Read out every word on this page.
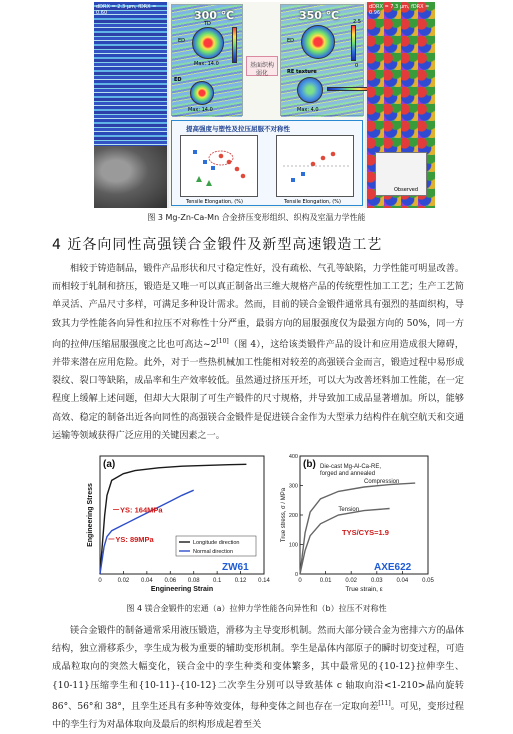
dDRX = 2.3 μm, fDRX = 0.60	300 ℃
TD
ED
Max: 14.0
ED
Max: 14.0
基面织构
弱化
350 ℃
ED
2.5
0
RE texture
Max: 4.0
提高强度与塑性及拉压屈服不对称性
Tensile Elongation, (%)	Tensile Elongation, (%)
dDRX = 7.3 μm, fDRX = 0.96
Observed
图 3 Mg-Zn-Ca-Mn 合金挤压变形组织、织构及室温力学性能
4 近各向同性高强镁合金锻件及新型高速锻造工艺

相较于铸造制品，锻件产品形状和尺寸稳定性好，没有疏松、气孔等缺陷，力学性能可明显改善。而相较于轧制和挤压，锻造是又唯一可以真正制备出三维大规格产品的传统塑性加工工艺；生产工艺简单灵活、产品尺寸多样，可满足多种设计需求。然而，目前的镁合金锻件通常具有强烈的基面织构，导致其力学性能各向异性和拉压不对称性十分严重，最弱方向的屈服强度仅为最强方向的 50%，同一方向的拉伸/压缩屈服强度之比也可高达~2[10]（图 4），这给该类锻件产品的设计和应用造成很大障碍，并带来潜在应用危险。此外，对于一些热机械加工性能相对较差的高强镁合金而言，锻造过程中易形成裂纹、裂口等缺陷，成品率和生产效率较低。虽然通过挤压开坯，可以大为改善坯料加工性能，在一定程度上缓解上述问题，但却大大限制了可生产锻件的尺寸规格，并导致加工成品显著增加。所以，能够高效、稳定的制备出近各向同性的高强镁合金锻件是促进镁合金作为大型承力结构件在航空航天和交通运输等领域获得广泛应用的关键因素之一。

(a)
0	0.02 0.04 0.06 0.08 0.1 0.12 0.14
Engineering Strain
Engineering Stress	YS: 164MPa
YS: 89MPa	Longitude direction
Normal direction
ZW61
(b)
0	0.01 0.02 0.03 0.04 0.05
0
100
200
300
400
True strain, ε
True stress, σ / MPa
Die-cast Mg-Al-Ca-RE,
forged and annealed
Compression
Tension
TYS/CYS=1.9
AXE622
图 4 镁合金锻件的宏通（a）拉伸力学性能各向异性和（b）拉压不对称性

镁合金锻件的制备通常采用液压锻造，滑移为主导变形机制。然而大部分镁合金为密排六方的晶体结构，独立滑移系少，孪生成为极为重要的辅助变形机制。孪生是晶体内部原子的瞬时切变过程，可造成晶粒取向的突然大幅变化，镁合金中的孪生种类和变体繁多，其中最常见的{10-12}拉伸孪生、{10-11}压缩孪生和{10-11}-{10-12}二次孪生分别可以导致基体 c 轴取向沿<1-210>晶向旋转 86°、56°和 38°，且孪生还具有多种等效变体，每种变体之间也存在一定取向差[11]。可见，变形过程中的孪生行为对晶体取向及最后的织构形成起着至关
